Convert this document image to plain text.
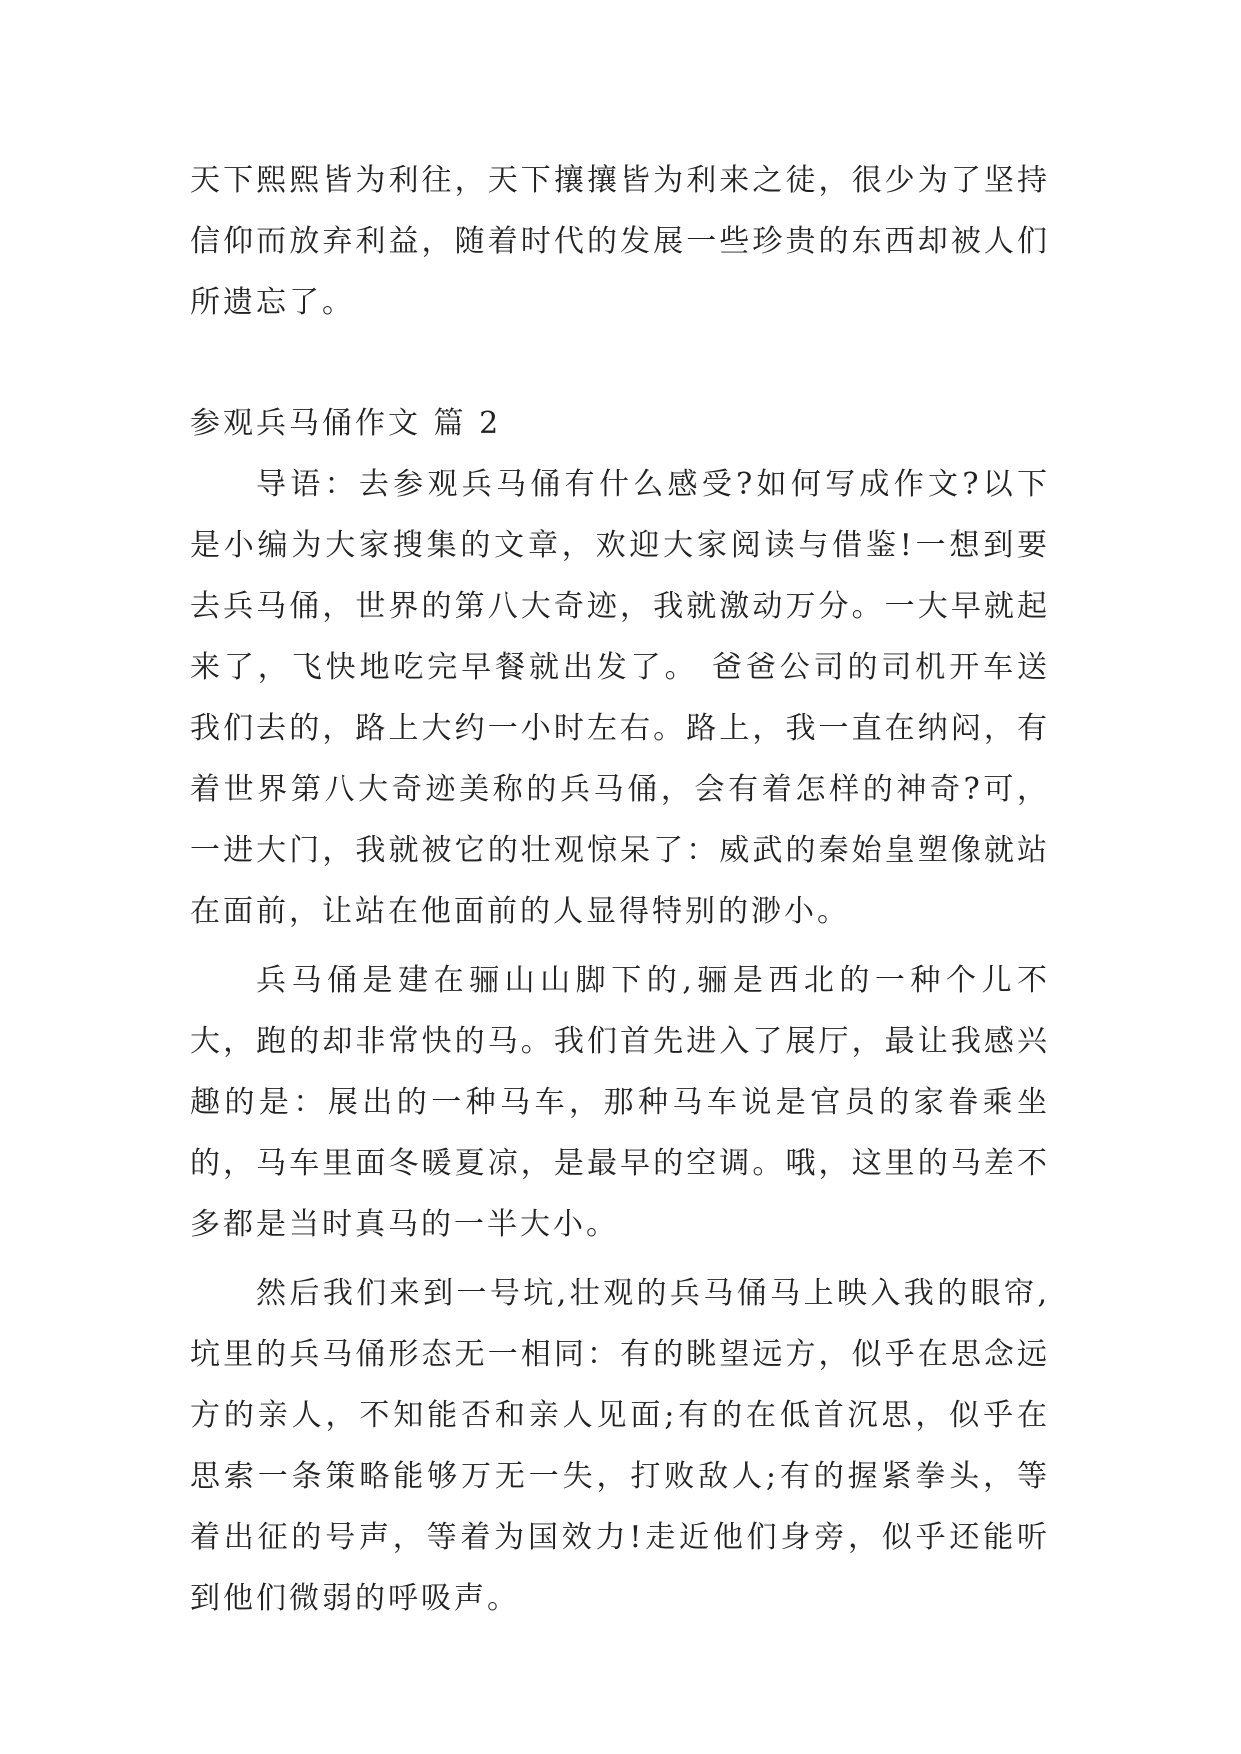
天下熙熙皆为利往，天下攘攘皆为利来之徒，很少为了坚持信仰而放弃利益，随着时代的发展一些珍贵的东西却被人们所遗忘了。

参观兵马俑作文 篇 2

导语：去参观兵马俑有什么感受?如何写成作文?以下是小编为大家搜集的文章，欢迎大家阅读与借鉴!一想到要去兵马俑，世界的第八大奇迹，我就激动万分。一大早就起来了，飞快地吃完早餐就出发了。 爸爸公司的司机开车送我们去的，路上大约一小时左右。路上，我一直在纳闷，有着世界第八大奇迹美称的兵马俑，会有着怎样的神奇?可，一进大门，我就被它的壮观惊呆了：威武的秦始皇塑像就站在面前，让站在他面前的人显得特别的渺小。

兵马俑是建在骊山山脚下的,骊是西北的一种个儿不大，跑的却非常快的马。我们首先进入了展厅，最让我感兴趣的是：展出的一种马车，那种马车说是官员的家眷乘坐的，马车里面冬暖夏凉，是最早的空调。哦，这里的马差不多都是当时真马的一半大小。

然后我们来到一号坑,壮观的兵马俑马上映入我的眼帘,坑里的兵马俑形态无一相同：有的眺望远方，似乎在思念远方的亲人，不知能否和亲人见面;有的在低首沉思，似乎在思索一条策略能够万无一失，打败敌人;有的握紧拳头，等着出征的号声，等着为国效力!走近他们身旁，似乎还能听到他们微弱的呼吸声。
